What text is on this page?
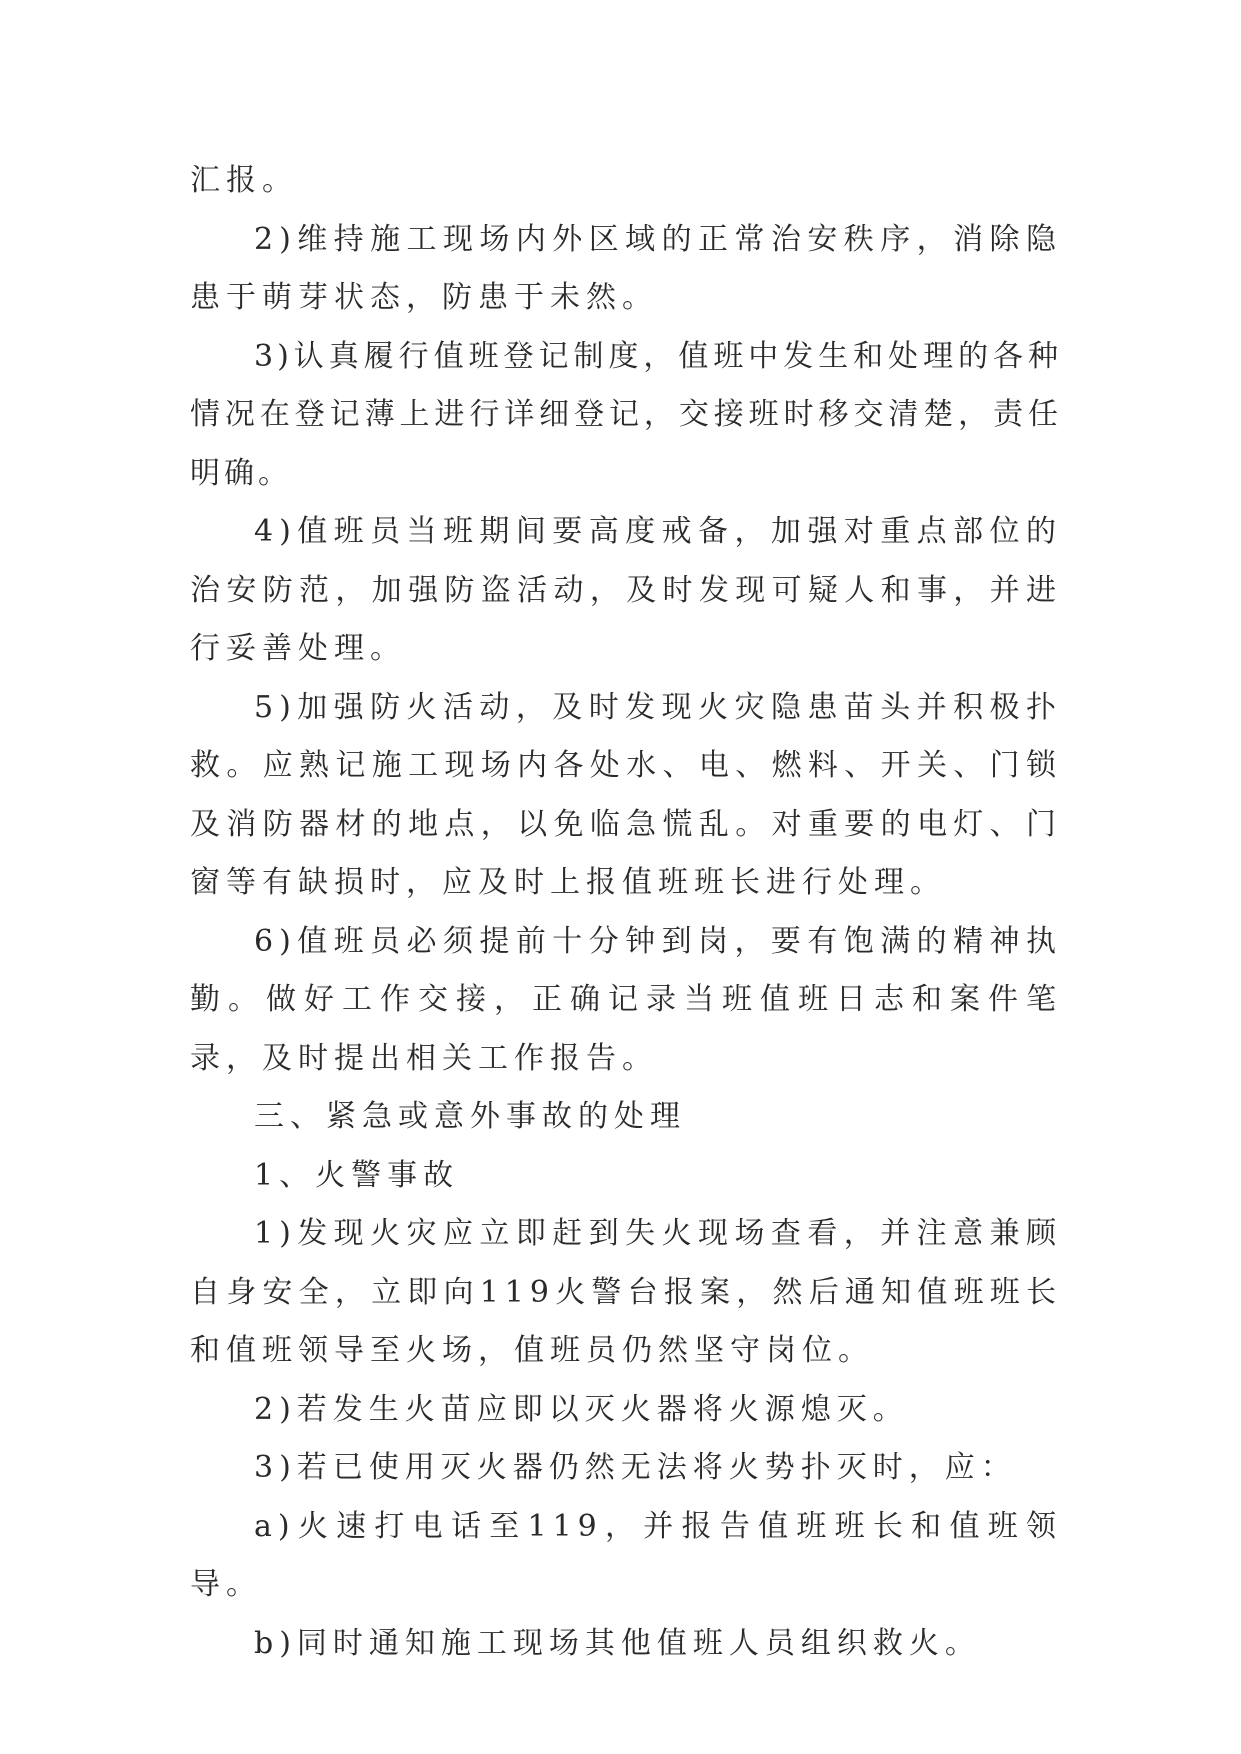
汇报。

2)维持施工现场内外区域的正常治安秩序，消除隐患于萌芽状态，防患于未然。

3)认真履行值班登记制度，值班中发生和处理的各种情况在登记薄上进行详细登记，交接班时移交清楚，责任明确。

4)值班员当班期间要高度戒备，加强对重点部位的治安防范，加强防盗活动，及时发现可疑人和事，并进行妥善处理。

5)加强防火活动，及时发现火灾隐患苗头并积极扑救。应熟记施工现场内各处水、电、燃料、开关、门锁及消防器材的地点，以免临急慌乱。对重要的电灯、门窗等有缺损时，应及时上报值班班长进行处理。

6)值班员必须提前十分钟到岗，要有饱满的精神执勤。做好工作交接，正确记录当班值班日志和案件笔录，及时提出相关工作报告。

三、紧急或意外事故的处理

1、火警事故

1)发现火灾应立即赶到失火现场查看，并注意兼顾自身安全，立即向119火警台报案，然后通知值班班长和值班领导至火场，值班员仍然坚守岗位。

2)若发生火苗应即以灭火器将火源熄灭。

3)若已使用灭火器仍然无法将火势扑灭时，应：

a)火速打电话至119，并报告值班班长和值班领导。

b)同时通知施工现场其他值班人员组织救火。
